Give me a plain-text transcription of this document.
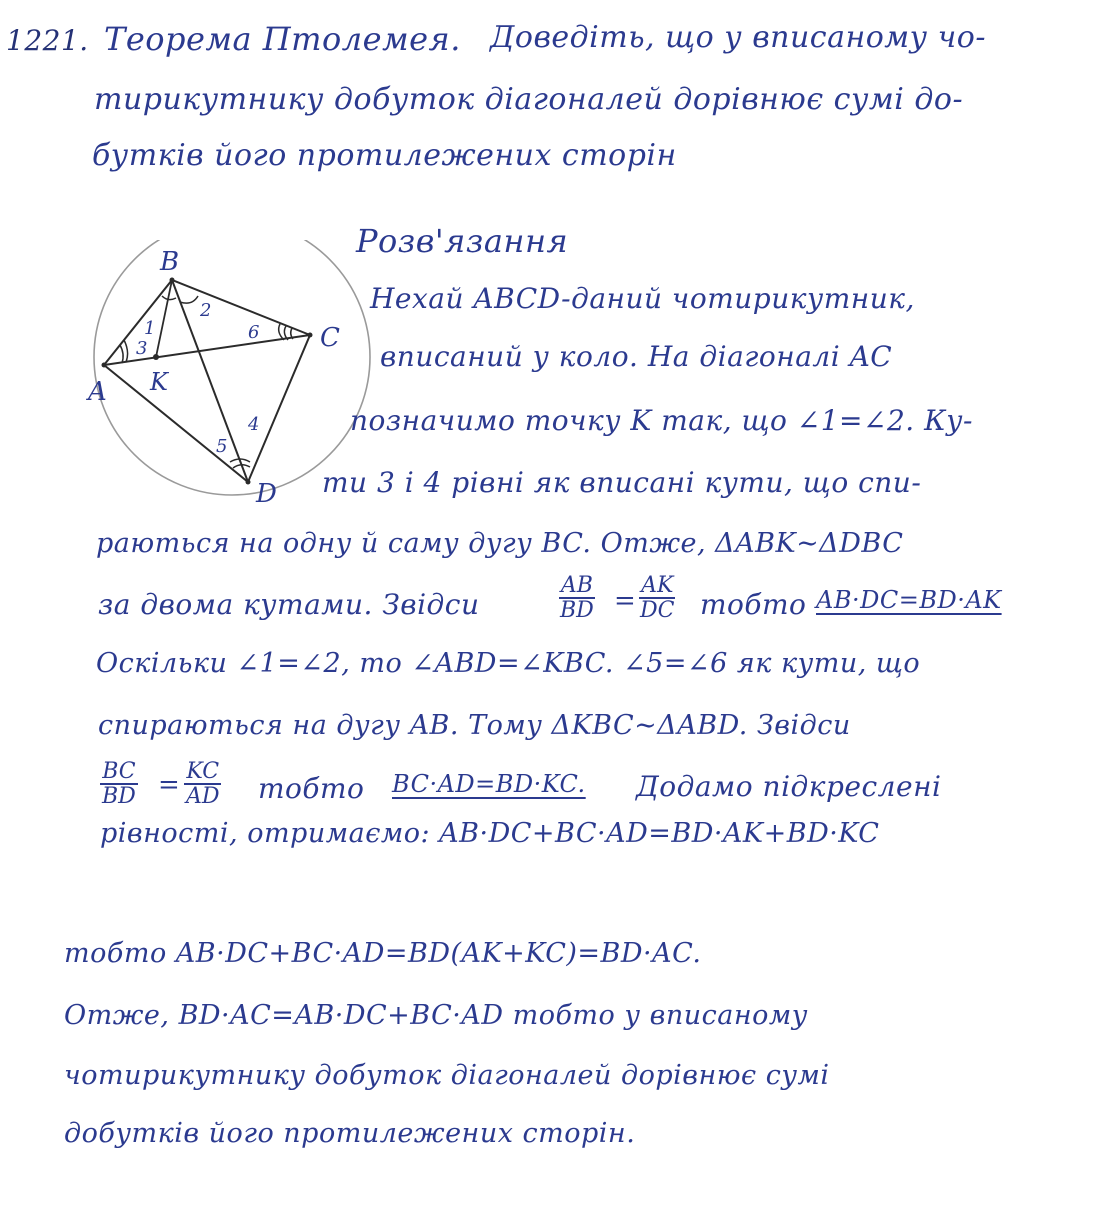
1221. Теорема Птолемея. Доведіть, що у вписаному чо-
тирикутнику добуток діагоналей дорівнює сумі до-
бутків його протилежених сторін
A
B
C
D
K
1
2
3
4
5
6
Розв'язання
Нехай ABCD-даний чотирикутник,
вписаний у коло. На діагоналі AC
позначимо точку K так, що ∠1=∠2. Ку-
ти 3 і 4 рівні як вписані кути, що спи-
раються на одну й саму дугу BC. Отже, ΔABK∼ΔDBC
за двома кутами. Звідси	$\frac{AB}{BD} = \frac{AK}{DC}$ тобто AB·DC=BD·AK
Оскільки ∠1=∠2, то ∠ABD=∠KBC. ∠5=∠6 як кути, що
спираються на дугу AB. Тому ΔKBC∼ΔABD. Звідси
$\frac{BC}{BD} = \frac{KC}{AD}$ тобто BC·AD=BD·KC. Додамо підкреслені
рівності, отримаємо: AB·DC+BC·AD=BD·AK+BD·KC
тобто AB·DC+BC·AD=BD(AK+KC)=BD·AC.
Отже, BD·AC=AB·DC+BC·AD тобто у вписаному
чотирикутнику добуток діагоналей дорівнює сумі
добутків його протилежених сторін.
